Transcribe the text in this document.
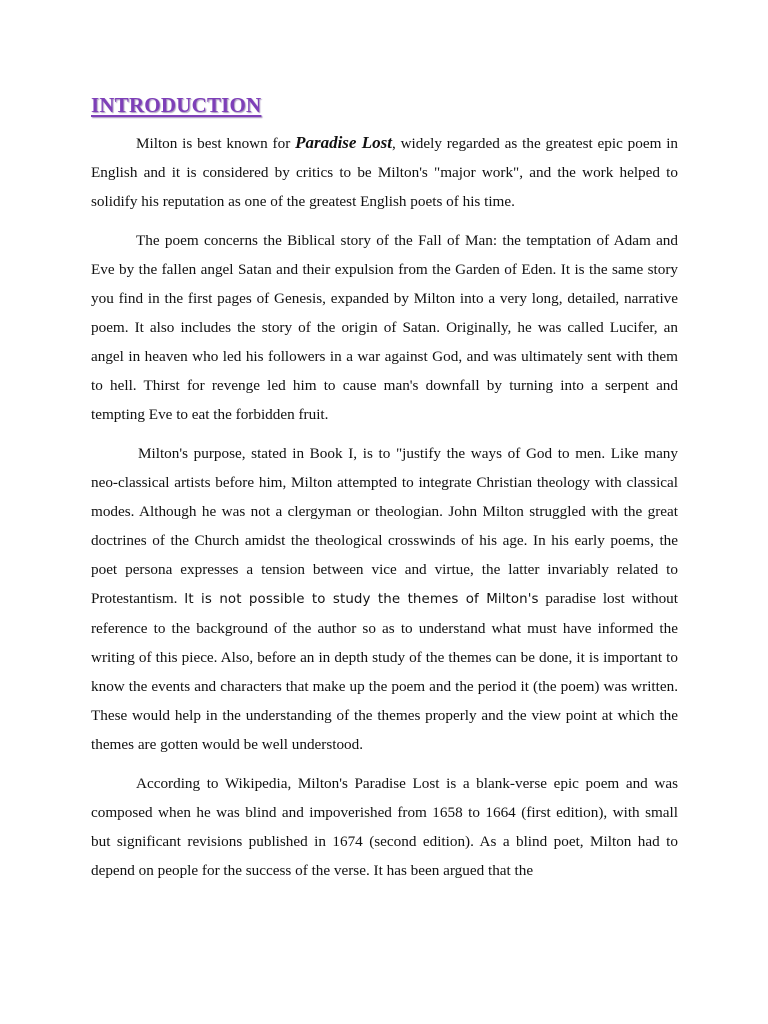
INTRODUCTION

Milton is best known for Paradise Lost, widely regarded as the greatest epic poem in English and it is considered by critics to be Milton's "major work", and the work helped to solidify his reputation as one of the greatest English poets of his time.

The poem concerns the Biblical story of the Fall of Man: the temptation of Adam and Eve by the fallen angel Satan and their expulsion from the Garden of Eden. It is the same story you find in the first pages of Genesis, expanded by Milton into a very long, detailed, narrative poem. It also includes the story of the origin of Satan. Originally, he was called Lucifer, an angel in heaven who led his followers in a war against God, and was ultimately sent with them to hell. Thirst for revenge led him to cause man's downfall by turning into a serpent and tempting Eve to eat the forbidden fruit.

Milton's purpose, stated in Book I, is to "justify the ways of God to men. Like many neo-classical artists before him, Milton attempted to integrate Christian theology with classical modes. Although he was not a clergyman or theologian. John Milton struggled with the great doctrines of the Church amidst the theological crosswinds of his age. In his early poems, the poet persona expresses a tension between vice and virtue, the latter invariably related to Protestantism. It is not possible to study the themes of Milton's paradise lost without reference to the background of the author so as to understand what must have informed the writing of this piece. Also, before an in depth study of the themes can be done, it is important to know the events and characters that make up the poem and the period it (the poem) was written. These would help in the understanding of the themes properly and the view point at which the themes are gotten would be well understood.

According to Wikipedia, Milton's Paradise Lost is a blank-verse epic poem and was composed when he was blind and impoverished from 1658 to 1664 (first edition), with small but significant revisions published in 1674 (second edition). As a blind poet, Milton had to depend on people for the success of the verse. It has been argued that the
